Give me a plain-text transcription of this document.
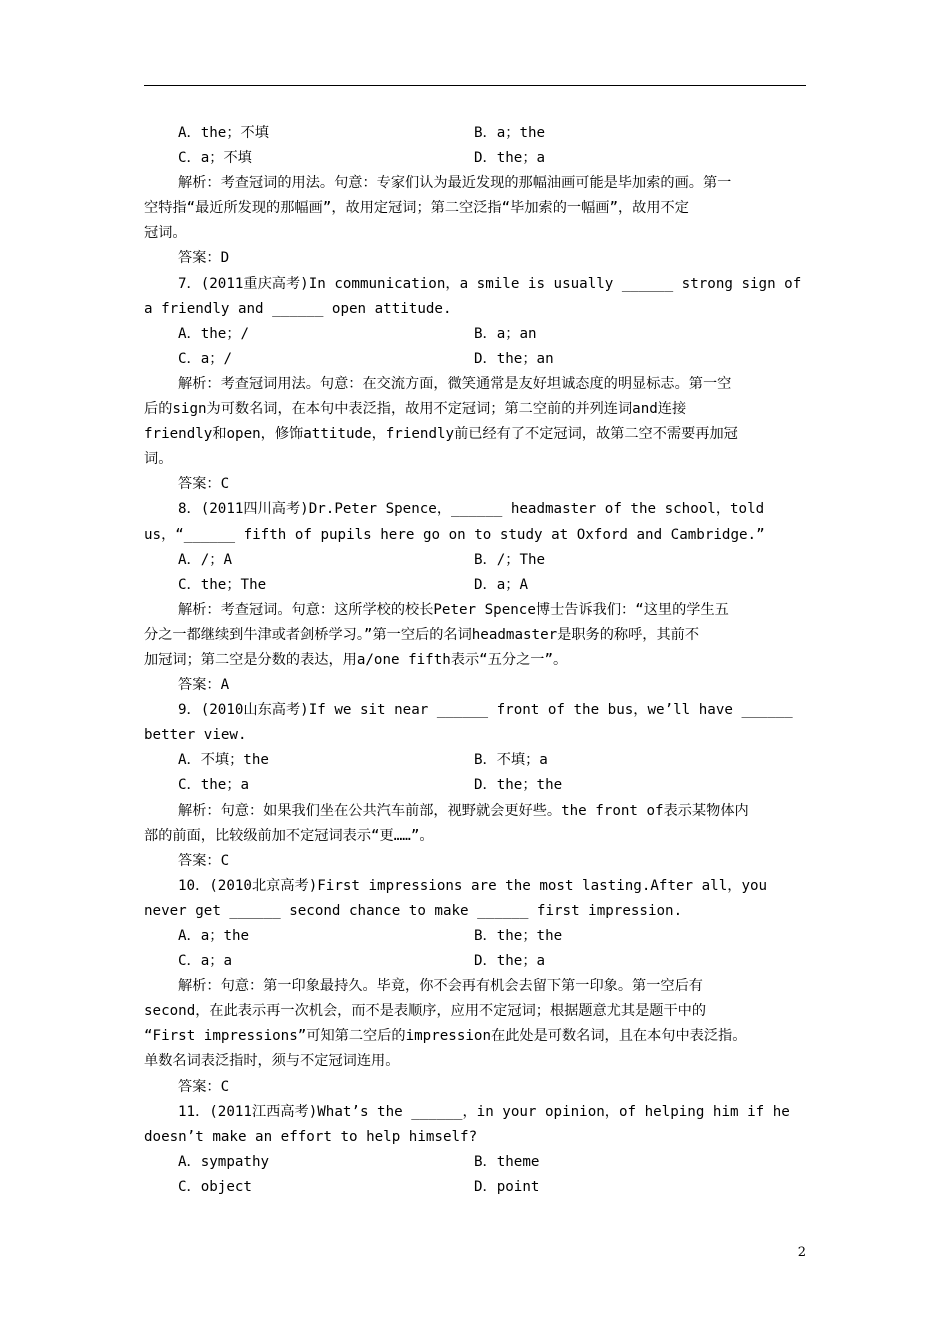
A．the；不填	B．a；the
C．a；不填	D．the；a
解析：考查冠词的用法。句意：专家们认为最近发现的那幅油画可能是毕加索的画。第一
空特指“最近所发现的那幅画”，故用定冠词；第二空泛指“毕加索的一幅画”，故用不定
冠词。
答案：D
7．(2011重庆高考)In communication，a smile is usually ______ strong sign of
a friendly and ______ open attitude.
A．the；/	B．a；an
C．a；/	D．the；an
解析：考查冠词用法。句意：在交流方面，微笑通常是友好坦诚态度的明显标志。第一空
后的sign为可数名词，在本句中表泛指，故用不定冠词；第二空前的并列连词and连接
friendly和open，修饰attitude，friendly前已经有了不定冠词，故第二空不需要再加冠
词。
答案：C
8．(2011四川高考)Dr.Peter Spence，______ headmaster of the school，told
us，“______ fifth of pupils here go on to study at Oxford and Cambridge.”
A．/；A	B．/；The
C．the；The	D．a；A
解析：考查冠词。句意：这所学校的校长Peter Spence博士告诉我们：“这里的学生五
分之一都继续到牛津或者剑桥学习。”第一空后的名词headmaster是职务的称呼，其前不
加冠词；第二空是分数的表达，用a/one fifth表示“五分之一”。
答案：A
9．(2010山东高考)If we sit near ______ front of the bus，we’ll have ______
better view.
A．不填；the	B．不填；a
C．the；a	D．the；the
解析：句意：如果我们坐在公共汽车前部，视野就会更好些。the front of表示某物体内
部的前面，比较级前加不定冠词表示“更……”。
答案：C
10．(2010北京高考)First impressions are the most lasting.After all，you
never get ______ second chance to make ______ first impression.
A．a；the	B．the；the
C．a；a	D．the；a
解析：句意：第一印象最持久。毕竟，你不会再有机会去留下第一印象。第一空后有
second，在此表示再一次机会，而不是表顺序，应用不定冠词；根据题意尤其是题干中的
“First impressions”可知第二空后的impression在此处是可数名词，且在本句中表泛指。
单数名词表泛指时，须与不定冠词连用。
答案：C
11．(2011江西高考)What’s the ______，in your opinion，of helping him if he
doesn’t make an effort to help himself?
A．sympathy	B．theme
C．object	D．point
2
